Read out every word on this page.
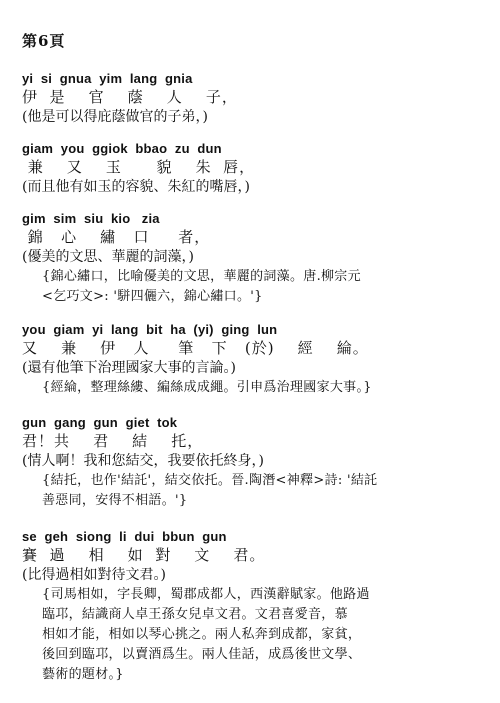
第6頁
yi  si  gnua  yim  lang  gnia
伊  是    官    蔭    人    子，
(他是可以得庇蔭做官的子弟，)
giam  you  ggiok  bbao  zu  dun
兼    又    玉      貌    朱  唇，
(而且他有如玉的容貌、朱紅的嘴唇，)
gim  sim  siu  kio   zia
錦   心    繡   口     者，
(優美的文思、華麗的詞藻，)
{錦心繡口，比喻優美的文思，華麗的詞藻。唐.柳宗元
<乞巧文>: '駢四儷六，錦心繡口。'}
you  giam  yi  lang  bit  ha  (yi)  ging  lun
又    兼    伊   人     筆   下   (於)    經    綸。
(還有他筆下治理國家大事的言論。)
{經綸，整理絲縷、編絲成成繩。引申爲治理國家大事。}
gun  gang  gun  giet  tok
君！共    君    結    托，
(情人啊！我和您結交，我要依托終身，)
{結托，也作'結託'，結交依托。晉.陶潛<神釋>詩: '結託
善惡同，安得不相語。'}
se  geh  siong  li  dui  bbun  gun
賽  過    相    如  對    文    君。
(比得過相如對待文君。)
{司馬相如，字長卿，蜀郡成都人，西漢辭賦家。他路過
臨邛，結識商人卓王孫女兒卓文君。文君喜愛音，慕
相如才能，相如以琴心挑之。兩人私奔到成都，家貧，
後回到臨邛，以賣酒爲生。兩人佳話，成爲後世文學、
藝術的題材。}
